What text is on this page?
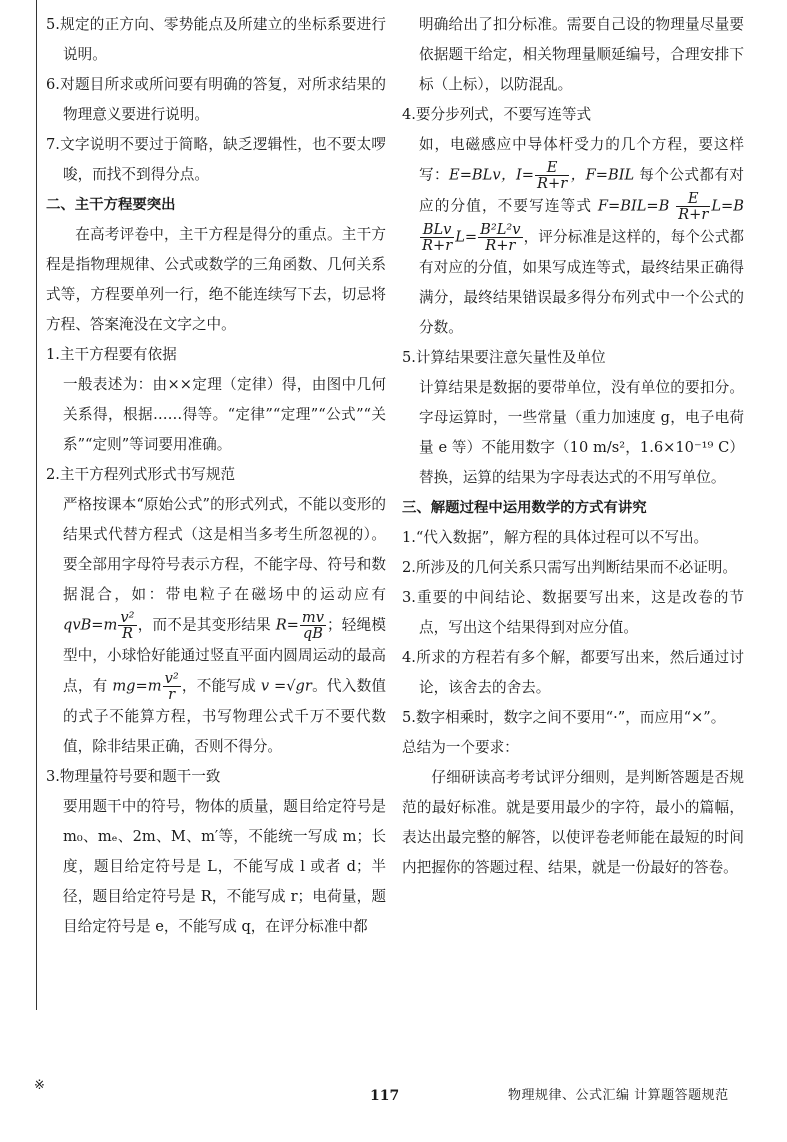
5.规定的正方向、零势能点及所建立的坐标系要进行说明。

6.对题目所求或所问要有明确的答复，对所求结果的物理意义要进行说明。

7.文字说明不要过于简略，缺乏逻辑性，也不要太啰唆，而找不到得分点。

二、主干方程要突出

在高考评卷中，主干方程是得分的重点。主干方程是指物理规律、公式或数学的三角函数、几何关系式等，方程要单列一行，绝不能连续写下去，切忌将方程、答案淹没在文字之中。

1.主干方程要有依据

一般表述为：由××定理（定律）得，由图中几何关系得，根据……得等。“定律”“定理”“公式”“关系”“定则”等词要用准确。

2.主干方程列式形式书写规范

严格按课本“原始公式”的形式列式，不能以变形的结果式代替方程式（这是相当多考生所忽视的）。要全部用字母符号表示方程，不能字母、符号和数据混合，如：带电粒子在磁场中的运动应有 $qvB=m \frac{\text{v²}}{R}$ ，而不是其变形结果 $R= \frac{mv}{qB}$ ；轻绳模型中，小球恰好能通过竖直平面内圆周运动的最高点，有 $mg=m \frac{\text{v²}}{r}$ ，不能写成 v =√gr。代入数值的式子不能算方程，书写物理公式千万不要代数值，除非结果正确，否则不得分。

3.物理量符号要和题干一致

要用题干中的符号，物体的质量，题目给定符号是 m₀、mₑ、2m、M、m′等，不能统一写成 m；长度，题目给定符号是 L，不能写成 l 或者 d；半径，题目给定符号是 R，不能写成 r；电荷量，题目给定符号是 e，不能写成 q，在评分标准中都

明确给出了扣分标准。需要自己设的物理量尽量要依据题干给定，相关物理量顺延编号，合理安排下标（上标），以防混乱。

4.要分步列式，不要写连等式

如，电磁感应中导体杆受力的几个方程，要这样写：E=BLv，$I= \frac{E}{R+r}$ ，F=BIL 每个公式都有对应的分值，不要写连等式 $F=BIL=B \frac{E}{R+r} L=B$
$\frac{\text{BLv}}{R+r} L= \frac{\text{B²L²v}}{R+r}$ ，评分标准是这样的，每个公式都有对应的分值，如果写成连等式，最终结果正确得满分，最终结果错误最多得分布列式中一个公式的分数。

5.计算结果要注意矢量性及单位

计算结果是数据的要带单位，没有单位的要扣分。字母运算时，一些常量（重力加速度 g，电子电荷量 e 等）不能用数字（10 m/s²，1.6×10⁻¹⁹ C）替换，运算的结果为字母表达式的不用写单位。

三、解题过程中运用数学的方式有讲究

1.“代入数据”，解方程的具体过程可以不写出。

2.所涉及的几何关系只需写出判断结果而不必证明。

3.重要的中间结论、数据要写出来，这是改卷的节点，写出这个结果得到对应分值。

4.所求的方程若有多个解，都要写出来，然后通过讨论，该舍去的舍去。

5.数字相乘时，数字之间不要用“·”，而应用“×”。

总结为一个要求：

仔细研读高考考试评分细则，是判断答题是否规范的最好标准。就是要用最少的字符，最小的篇幅，表达出最完整的解答，以使评卷老师能在最短的时间内把握你的答题过程、结果，就是一份最好的答卷。

※
117	物理规律、公式汇编 计算题答题规范
